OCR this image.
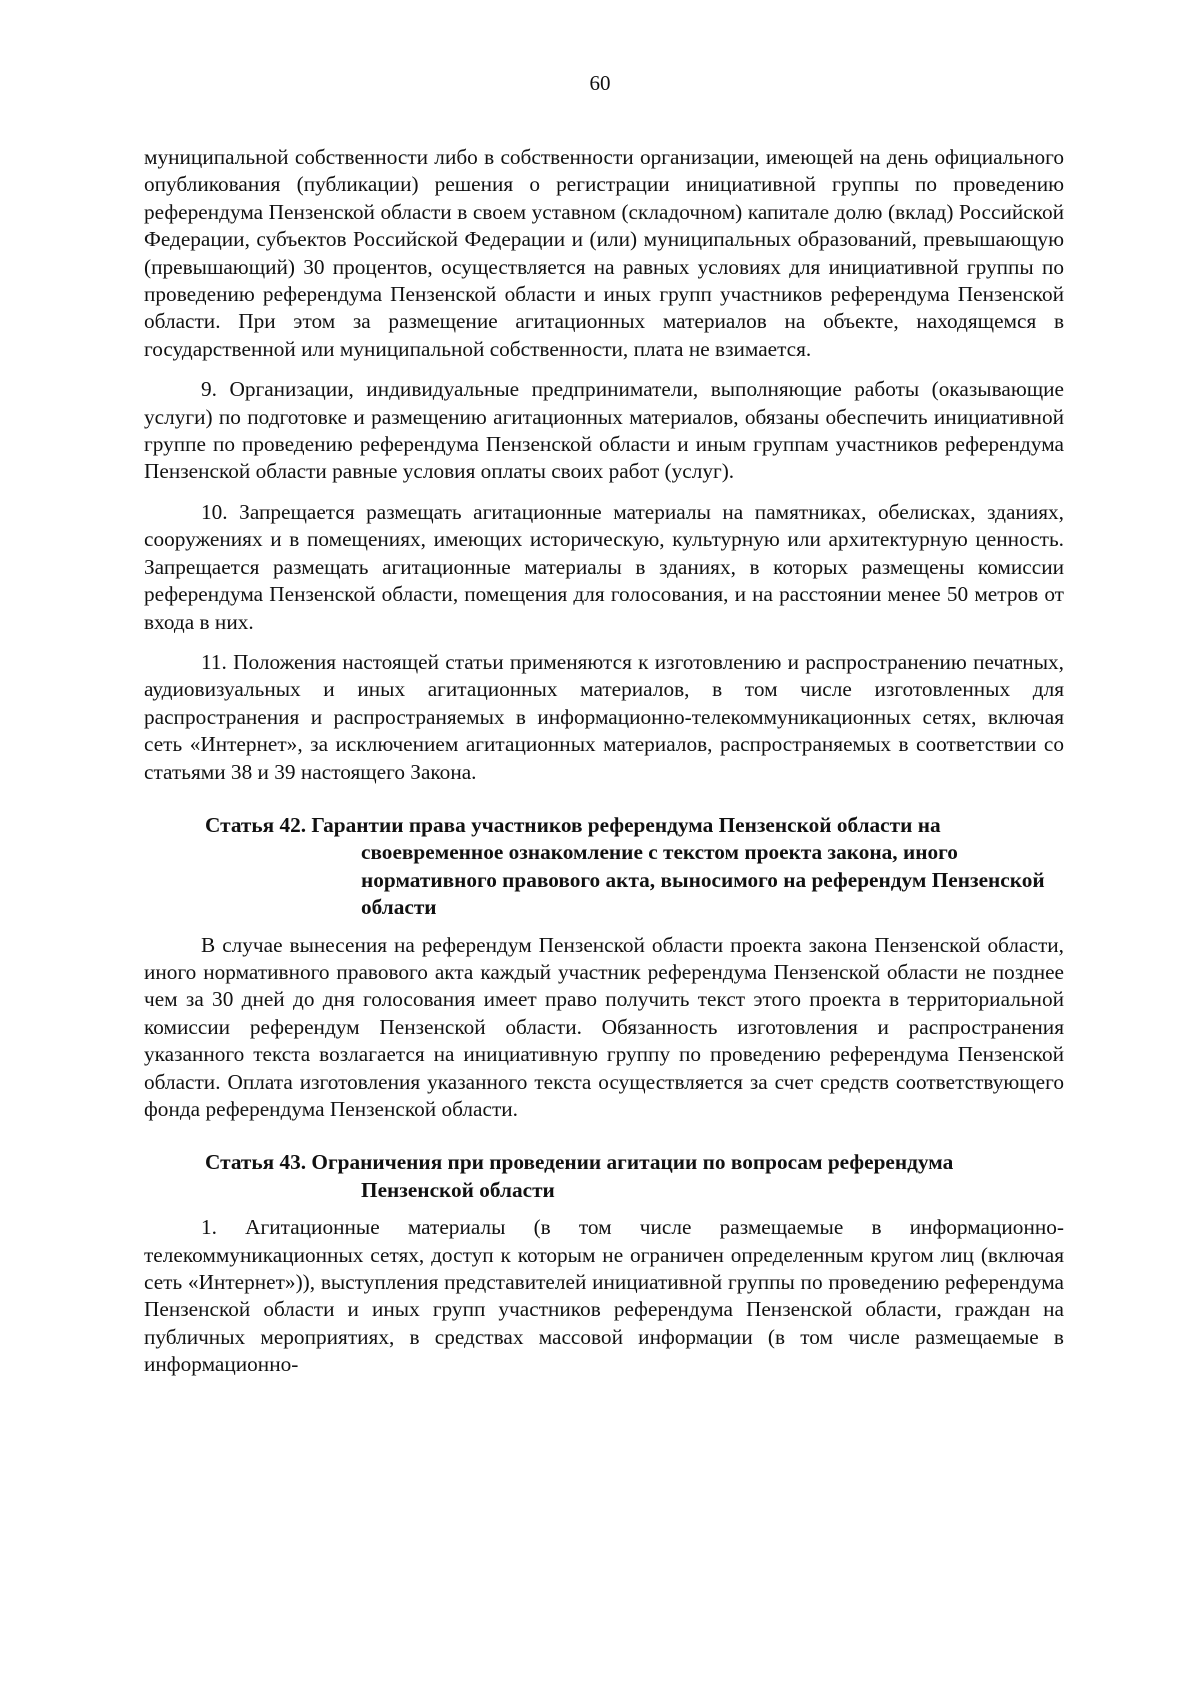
60

муниципальной собственности либо в собственности организации, имеющей на день официального опубликования (публикации) решения о регистрации инициативной группы по проведению референдума Пензенской области в своем уставном (складочном) капитале долю (вклад) Российской Федерации, субъектов Российской Федерации и (или) муниципальных образований, превышающую (превышающий) 30 процентов, осуществляется на равных условиях для инициативной группы по проведению референдума Пензенской области и иных групп участников референдума Пензенской области. При этом за размещение агитационных материалов на объекте, находящемся в государственной или муниципальной собственности, плата не взимается.

9. Организации, индивидуальные предприниматели, выполняющие работы (оказывающие услуги) по подготовке и размещению агитационных материалов, обязаны обеспечить инициативной группе по проведению референдума Пензенской области и иным группам участников референдума Пензенской области равные условия оплаты своих работ (услуг).

10. Запрещается размещать агитационные материалы на памятниках, обелисках, зданиях, сооружениях и в помещениях, имеющих историческую, культурную или архитектурную ценность. Запрещается размещать агитационные материалы в зданиях, в которых размещены комиссии референдума Пензенской области, помещения для голосования, и на расстоянии менее 50 метров от входа в них.

11. Положения настоящей статьи применяются к изготовлению и распространению печатных, аудиовизуальных и иных агитационных материалов, в том числе изготовленных для распространения и распространяемых в информационно-телекоммуникационных сетях, включая сеть «Интернет», за исключением агитационных материалов, распространяемых в соответствии со статьями 38 и 39 настоящего Закона.

Статья 42. Гарантии права участников референдума Пензенской области на своевременное ознакомление с текстом проекта закона, иного нормативного правового акта, выносимого на референдум Пензенской области

В случае вынесения на референдум Пензенской области проекта закона Пензенской области, иного нормативного правового акта каждый участник референдума Пензенской области не позднее чем за 30 дней до дня голосования имеет право получить текст этого проекта в территориальной комиссии референдум Пензенской области. Обязанность изготовления и распространения указанного текста возлагается на инициативную группу по проведению референдума Пензенской области. Оплата изготовления указанного текста осуществляется за счет средств соответствующего фонда референдума Пензенской области.

Статья 43. Ограничения при проведении агитации по вопросам референдума Пензенской области

1. Агитационные материалы (в том числе размещаемые в информационно-телекоммуникационных сетях, доступ к которым не ограничен определенным кругом лиц (включая сеть «Интернет»)), выступления представителей инициативной группы по проведению референдума Пензенской области и иных групп участников референдума Пензенской области, граждан на публичных мероприятиях, в средствах массовой информации (в том числе размещаемые в информационно-
